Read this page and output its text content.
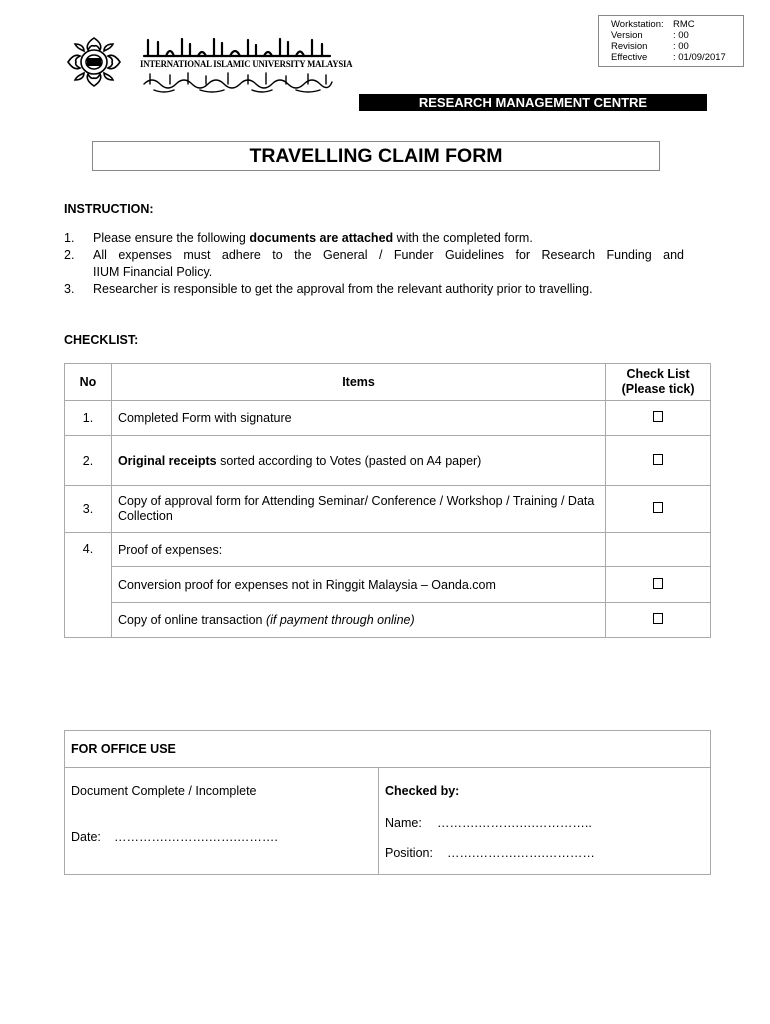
INTERNATIONAL ISLAMIC UNIVERSITY MALAYSIA
Workstation: RMC
Version	: 00
Revision	: 00
Effective	: 01/09/2017
RESEARCH MANAGEMENT CENTRE
TRAVELLING CLAIM FORM
INSTRUCTION:
1.	Please ensure the following documents are attached with the completed form.
2.	All expenses must adhere to the General / Funder Guidelines for Research Funding and
IIUM Financial Policy.
3.	Researcher is responsible to get the approval from the relevant authority prior to travelling.
CHECKLIST:
No	Items	Check List
(Please tick)

1.	Completed Form with signature	
2.	Original receipts sorted according to Votes (pasted on A4 paper)	
3.	Copy of approval form for Attending Seminar/ Conference / Workshop / Training / Data Collection	
4.	Proof of expenses:	
	Conversion proof for expenses not in Ringgit Malaysia – Oanda.com	
	Copy of online transaction (if payment through online)	
FOR OFFICE USE
Document Complete / Incomplete
Date: ………….……….…….……….
Checked by:
Name: ……….……….….…………..
Position: …….……….…….…………
